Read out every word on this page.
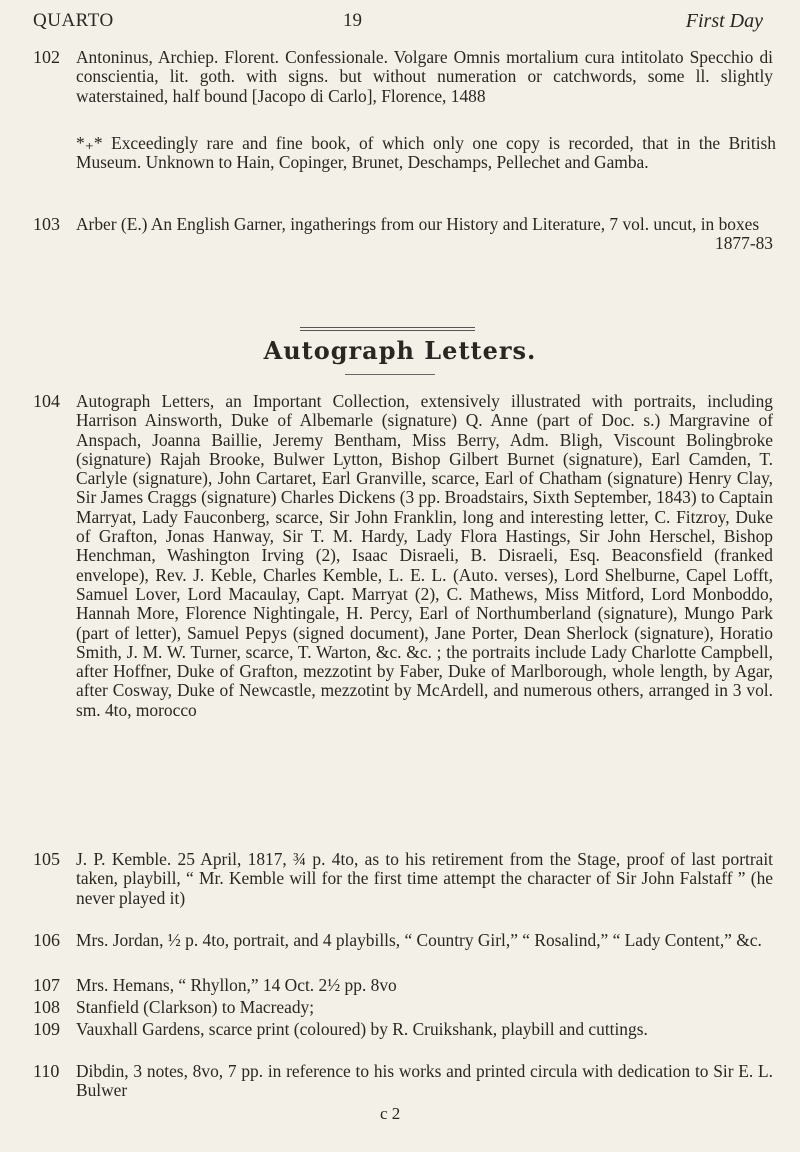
QUARTO	19	First Day
102 Antoninus, Archiep. Florent. Confessionale. Volgare Omnis mortalium cura intitolato Specchio di conscientia, lit. goth. with signs. but without numeration or catchwords, some ll. slightly waterstained, half bound [Jacopo di Carlo], Florence, 1488
*₊* Exceedingly rare and fine book, of which only one copy is recorded, that in the British Museum. Unknown to Hain, Copinger, Brunet, Deschamps, Pellechet and Gamba.
103 Arber (E.) An English Garner, ingatherings from our History and Literature, 7 vol. uncut, in boxes
1877-83
Autograph Letters.
104 Autograph Letters, an Important Collection, extensively illustrated with portraits, including Harrison Ainsworth, Duke of Albemarle (signature) Q. Anne (part of Doc. s.) Margravine of Anspach, Joanna Baillie, Jeremy Bentham, Miss Berry, Adm. Bligh, Viscount Bolingbroke (signature) Rajah Brooke, Bulwer Lytton, Bishop Gilbert Burnet (signature), Earl Camden, T. Carlyle (signature), John Cartaret, Earl Granville, scarce, Earl of Chatham (signature) Henry Clay, Sir James Craggs (signature) Charles Dickens (3 pp. Broadstairs, Sixth September, 1843) to Captain Marryat, Lady Fauconberg, scarce, Sir John Franklin, long and interesting letter, C. Fitzroy, Duke of Grafton, Jonas Hanway, Sir T. M. Hardy, Lady Flora Hastings, Sir John Herschel, Bishop Henchman, Washington Irving (2), Isaac Disraeli, B. Disraeli, Esq. Beaconsfield (franked envelope), Rev. J. Keble, Charles Kemble, L. E. L. (Auto. verses), Lord Shelburne, Capel Lofft, Samuel Lover, Lord Macaulay, Capt. Marryat (2), C. Mathews, Miss Mitford, Lord Monboddo, Hannah More, Florence Nightingale, H. Percy, Earl of Northumberland (signature), Mungo Park (part of letter), Samuel Pepys (signed document), Jane Porter, Dean Sherlock (signature), Horatio Smith, J. M. W. Turner, scarce, T. Warton, &c. &c. ; the portraits include Lady Charlotte Campbell, after Hoffner, Duke of Grafton, mezzotint by Faber, Duke of Marlborough, whole length, by Agar, after Cosway, Duke of Newcastle, mezzotint by McArdell, and numerous others, arranged in 3 vol. sm. 4to, morocco
105 J. P. Kemble. 25 April, 1817, ¾ p. 4to, as to his retirement from the Stage, proof of last portrait taken, playbill, “ Mr. Kemble will for the first time attempt the character of Sir John Falstaff ” (he never played it)
106 Mrs. Jordan, ½ p. 4to, portrait, and 4 playbills, “ Country Girl,” “ Rosalind,” “ Lady Content,” &c.
107 Mrs. Hemans, “ Rhyllon,” 14 Oct. 2½ pp. 8vo
108 Stanfield (Clarkson) to Macready;
109 Vauxhall Gardens, scarce print (coloured) by R. Cruikshank, playbill and cuttings.
110 Dibdin, 3 notes, 8vo, 7 pp. in reference to his works and printed circula with dedication to Sir E. L. Bulwer
c 2
